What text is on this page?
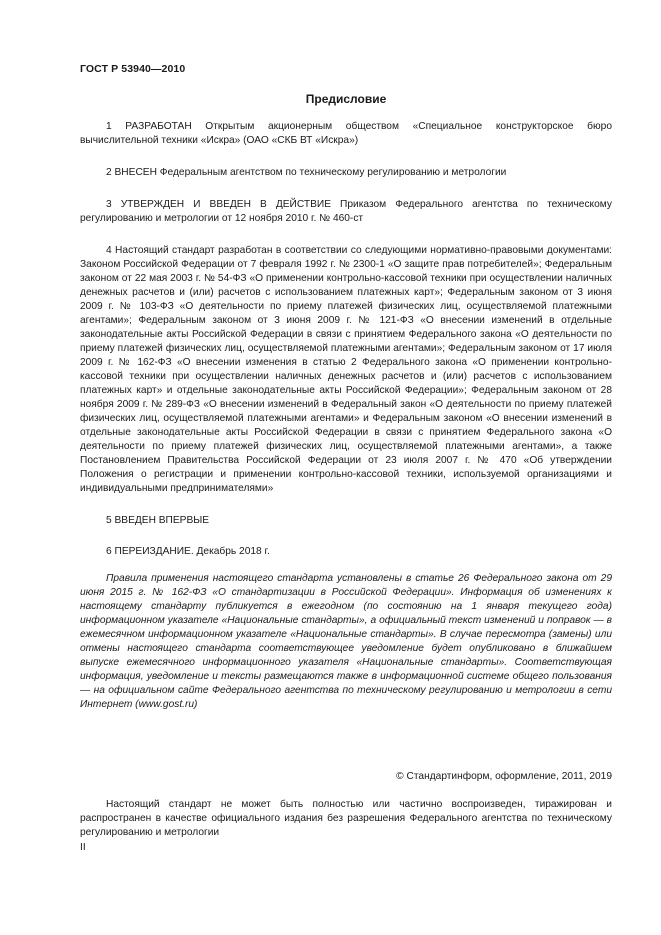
ГОСТ Р 53940—2010
Предисловие

1 РАЗРАБОТАН Открытым акционерным обществом «Специальное конструкторское бюро вычислительной техники «Искра» (ОАО «СКБ ВТ «Искра»)

2 ВНЕСЕН Федеральным агентством по техническому регулированию и метрологии

3 УТВЕРЖДЕН И ВВЕДЕН В ДЕЙСТВИЕ Приказом Федерального агентства по техническому регулированию и метрологии от 12 ноября 2010 г. № 460-ст

4 Настоящий стандарт разработан в соответствии со следующими нормативно-правовыми документами: Законом Российской Федерации от 7 февраля 1992 г. № 2300-1 «О защите прав потребителей»; Федеральным законом от 22 мая 2003 г. № 54-ФЗ «О применении контрольно-кассовой техники при осуществлении наличных денежных расчетов и (или) расчетов с использованием платежных карт»; Федеральным законом от 3 июня 2009 г. № 103-ФЗ «О деятельности по приему платежей физических лиц, осуществляемой платежными агентами»; Федеральным законом от 3 июня 2009 г. № 121-ФЗ «О внесении изменений в отдельные законодательные акты Российской Федерации в связи с принятием Федерального закона «О деятельности по приему платежей физических лиц, осуществляемой платежными агентами»; Федеральным законом от 17 июля 2009 г. № 162-ФЗ «О внесении изменения в статью 2 Федерального закона «О применении контрольно-кассовой техники при осуществлении наличных денежных расчетов и (или) расчетов с использованием платежных карт» и отдельные законодательные акты Российской Федерации»; Федеральным законом от 28 ноября 2009 г. № 289-ФЗ «О внесении изменений в Федеральный закон «О деятельности по приему платежей физических лиц, осуществляемой платежными агентами» и Федеральным законом «О внесении изменений в отдельные законодательные акты Российской Федерации в связи с принятием Федерального закона «О деятельности по приему платежей физических лиц, осуществляемой платежными агентами», а также Постановлением Правительства Российской Федерации от 23 июля 2007 г. № 470 «Об утверждении Положения о регистрации и применении контрольно-кассовой техники, используемой организациями и индивидуальными предпринимателями»

5 ВВЕДЕН ВПЕРВЫЕ

6 ПЕРЕИЗДАНИЕ. Декабрь 2018 г.

Правила применения настоящего стандарта установлены в статье 26 Федерального закона от 29 июня 2015 г. № 162-ФЗ «О стандартизации в Российской Федерации». Информация об изменениях к настоящему стандарту публикуется в ежегодном (по состоянию на 1 января текущего года) информационном указателе «Национальные стандарты», а официальный текст изменений и поправок — в ежемесячном информационном указателе «Национальные стандарты». В случае пересмотра (замены) или отмены настоящего стандарта соответствующее уведомление будет опубликовано в ближайшем выпуске ежемесячного информационного указателя «Национальные стандарты». Соответствующая информация, уведомление и тексты размещаются также в информационной системе общего пользования — на официальном сайте Федерального агентства по техническому регулированию и метрологии в сети Интернет (www.gost.ru)

© Стандартинформ, оформление, 2011, 2019

Настоящий стандарт не может быть полностью или частично воспроизведен, тиражирован и распространен в качестве официального издания без разрешения Федерального агентства по техническому регулированию и метрологии

II
